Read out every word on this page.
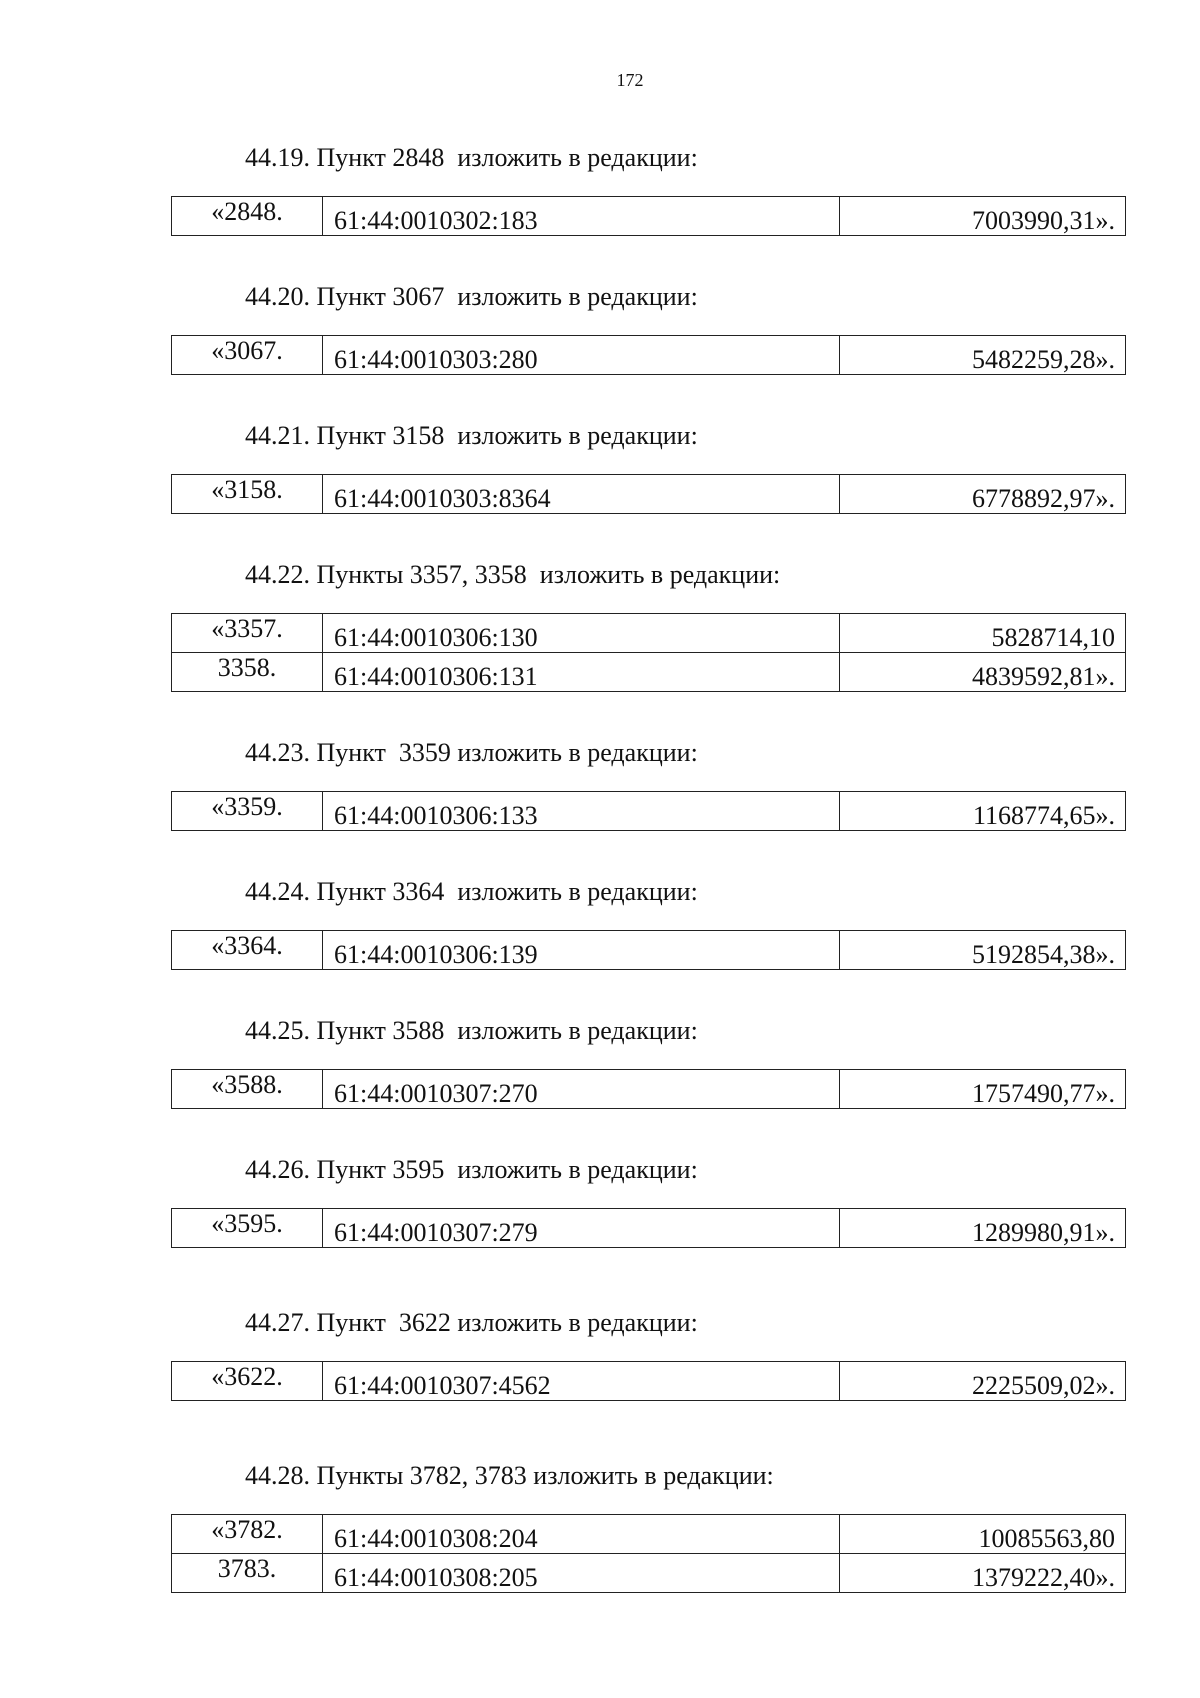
172
44.19. Пункт 2848  изложить в редакции:
«2848.	61:44:0010302:183	7003990,31».
44.20. Пункт 3067  изложить в редакции:
«3067.	61:44:0010303:280	5482259,28».
44.21. Пункт 3158  изложить в редакции:
«3158.	61:44:0010303:8364	6778892,97».
44.22. Пункты 3357, 3358  изложить в редакции:
«3357.	61:44:0010306:130	5828714,10
3358.	61:44:0010306:131	4839592,81».
44.23. Пункт  3359 изложить в редакции:
«3359.	61:44:0010306:133	1168774,65».
44.24. Пункт 3364  изложить в редакции:
«3364.	61:44:0010306:139	5192854,38».
44.25. Пункт 3588  изложить в редакции:
«3588.	61:44:0010307:270	1757490,77».
44.26. Пункт 3595  изложить в редакции:
«3595.	61:44:0010307:279	1289980,91».
44.27. Пункт  3622 изложить в редакции:
«3622.	61:44:0010307:4562	2225509,02».
44.28. Пункты 3782, 3783 изложить в редакции:
«3782.	61:44:0010308:204	10085563,80
3783.	61:44:0010308:205	1379222,40».
